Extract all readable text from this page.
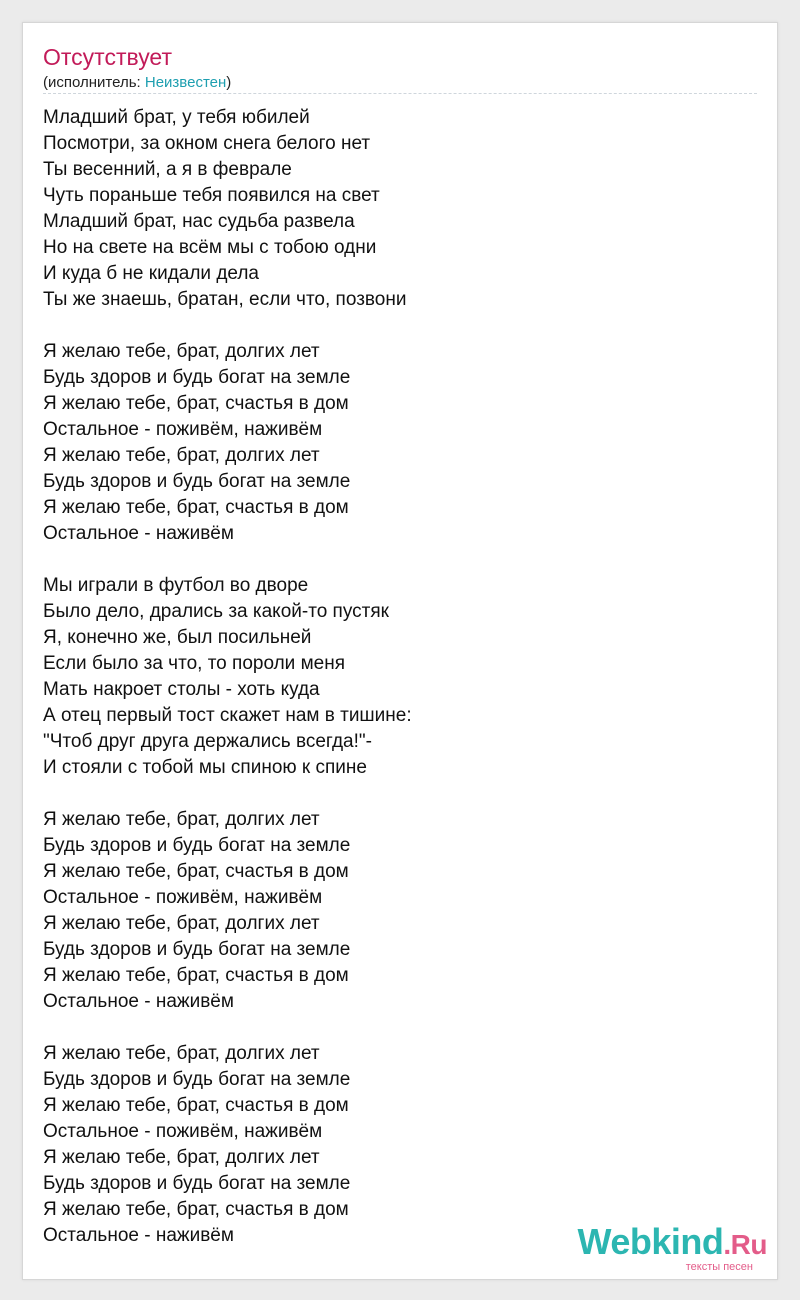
Отсутствует
(исполнитель: Неизвестен)
Младший брат, у тебя юбилей
Посмотри, за окном снега белого нет
Ты весенний, а я в феврале
Чуть пораньше тебя появился на свет
Младший брат, нас судьба развела
Но на свете на всём мы с тобою одни
И куда б не кидали дела
Ты же знаешь, братан, если что, позвони
Я желаю тебе, брат, долгих лет
Будь здоров и будь богат на земле
Я желаю тебе, брат, счастья в дом
Остальное - поживём, наживём
Я желаю тебе, брат, долгих лет
Будь здоров и будь богат на земле
Я желаю тебе, брат, счастья в дом
Остальное - наживём
Мы играли в футбол во дворе
Было дело, дрались за какой-то пустяк
Я, конечно же, был посильней
Если было за что, то пороли меня
Мать накроет столы - хоть куда
А отец первый тост скажет нам в тишине:
"Чтоб друг друга держались всегда!"-
И стояли с тобой мы спиною к спине
Я желаю тебе, брат, долгих лет
Будь здоров и будь богат на земле
Я желаю тебе, брат, счастья в дом
Остальное - поживём, наживём
Я желаю тебе, брат, долгих лет
Будь здоров и будь богат на земле
Я желаю тебе, брат, счастья в дом
Остальное - наживём
Я желаю тебе, брат, долгих лет
Будь здоров и будь богат на земле
Я желаю тебе, брат, счастья в дом
Остальное - поживём, наживём
Я желаю тебе, брат, долгих лет
Будь здоров и будь богат на земле
Я желаю тебе, брат, счастья в дом
Остальное - наживём	Webkind.Ru
тексты песен
